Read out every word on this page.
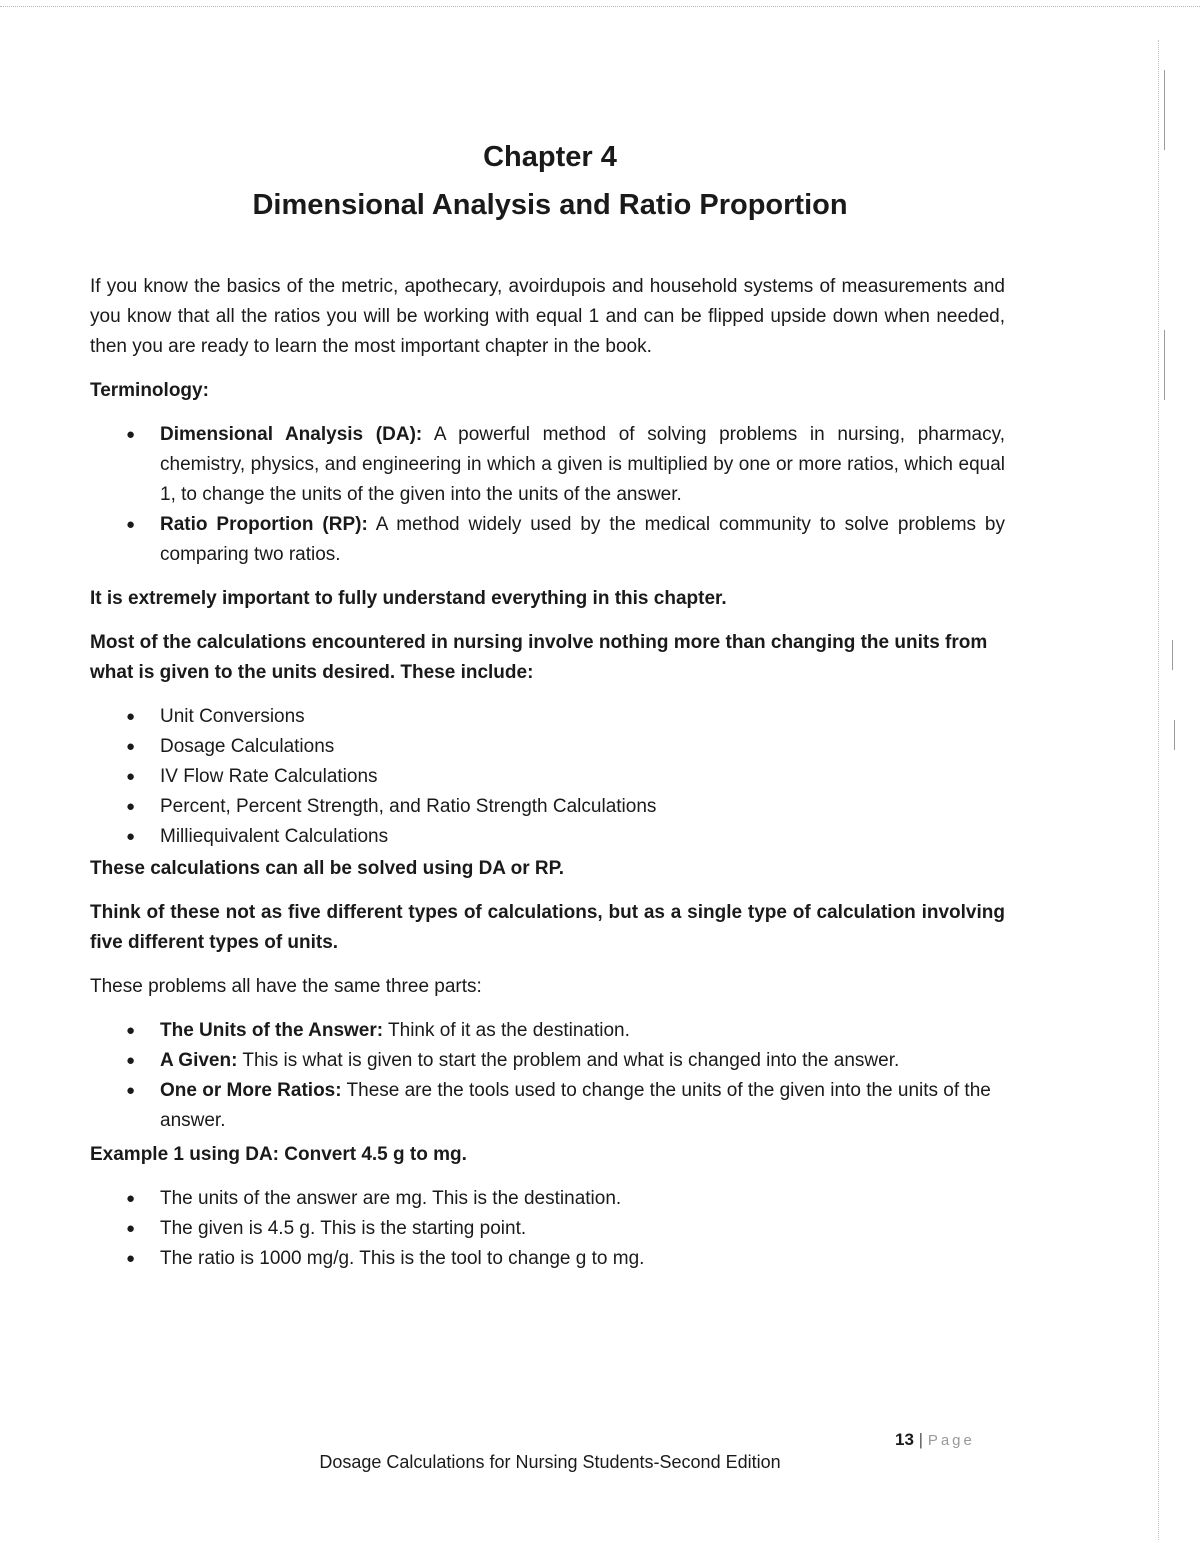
Chapter 4
Dimensional Analysis and Ratio Proportion

If you know the basics of the metric, apothecary, avoirdupois and household systems of measurements and you know that all the ratios you will be working with equal 1 and can be flipped upside down when needed, then you are ready to learn the most important chapter in the book.

Terminology:

● Dimensional Analysis (DA): A powerful method of solving problems in nursing, pharmacy, chemistry, physics, and engineering in which a given is multiplied by one or more ratios, which equal 1, to change the units of the given into the units of the answer.
● Ratio Proportion (RP): A method widely used by the medical community to solve problems by comparing two ratios.

It is extremely important to fully understand everything in this chapter.

Most of the calculations encountered in nursing involve nothing more than changing the units from what is given to the units desired. These include:

● Unit Conversions
● Dosage Calculations
● IV Flow Rate Calculations
● Percent, Percent Strength, and Ratio Strength Calculations
● Milliequivalent Calculations

These calculations can all be solved using DA or RP.

Think of these not as five different types of calculations, but as a single type of calculation involving five different types of units.

These problems all have the same three parts:

● The Units of the Answer: Think of it as the destination.
● A Given: This is what is given to start the problem and what is changed into the answer.
● One or More Ratios: These are the tools used to change the units of the given into the units of the answer.

Example 1 using DA: Convert 4.5 g to mg.

● The units of the answer are mg. This is the destination.
● The given is 4.5 g. This is the starting point.
● The ratio is 1000 mg/g. This is the tool to change g to mg.
13 | Page
Dosage Calculations for Nursing Students-Second Edition
